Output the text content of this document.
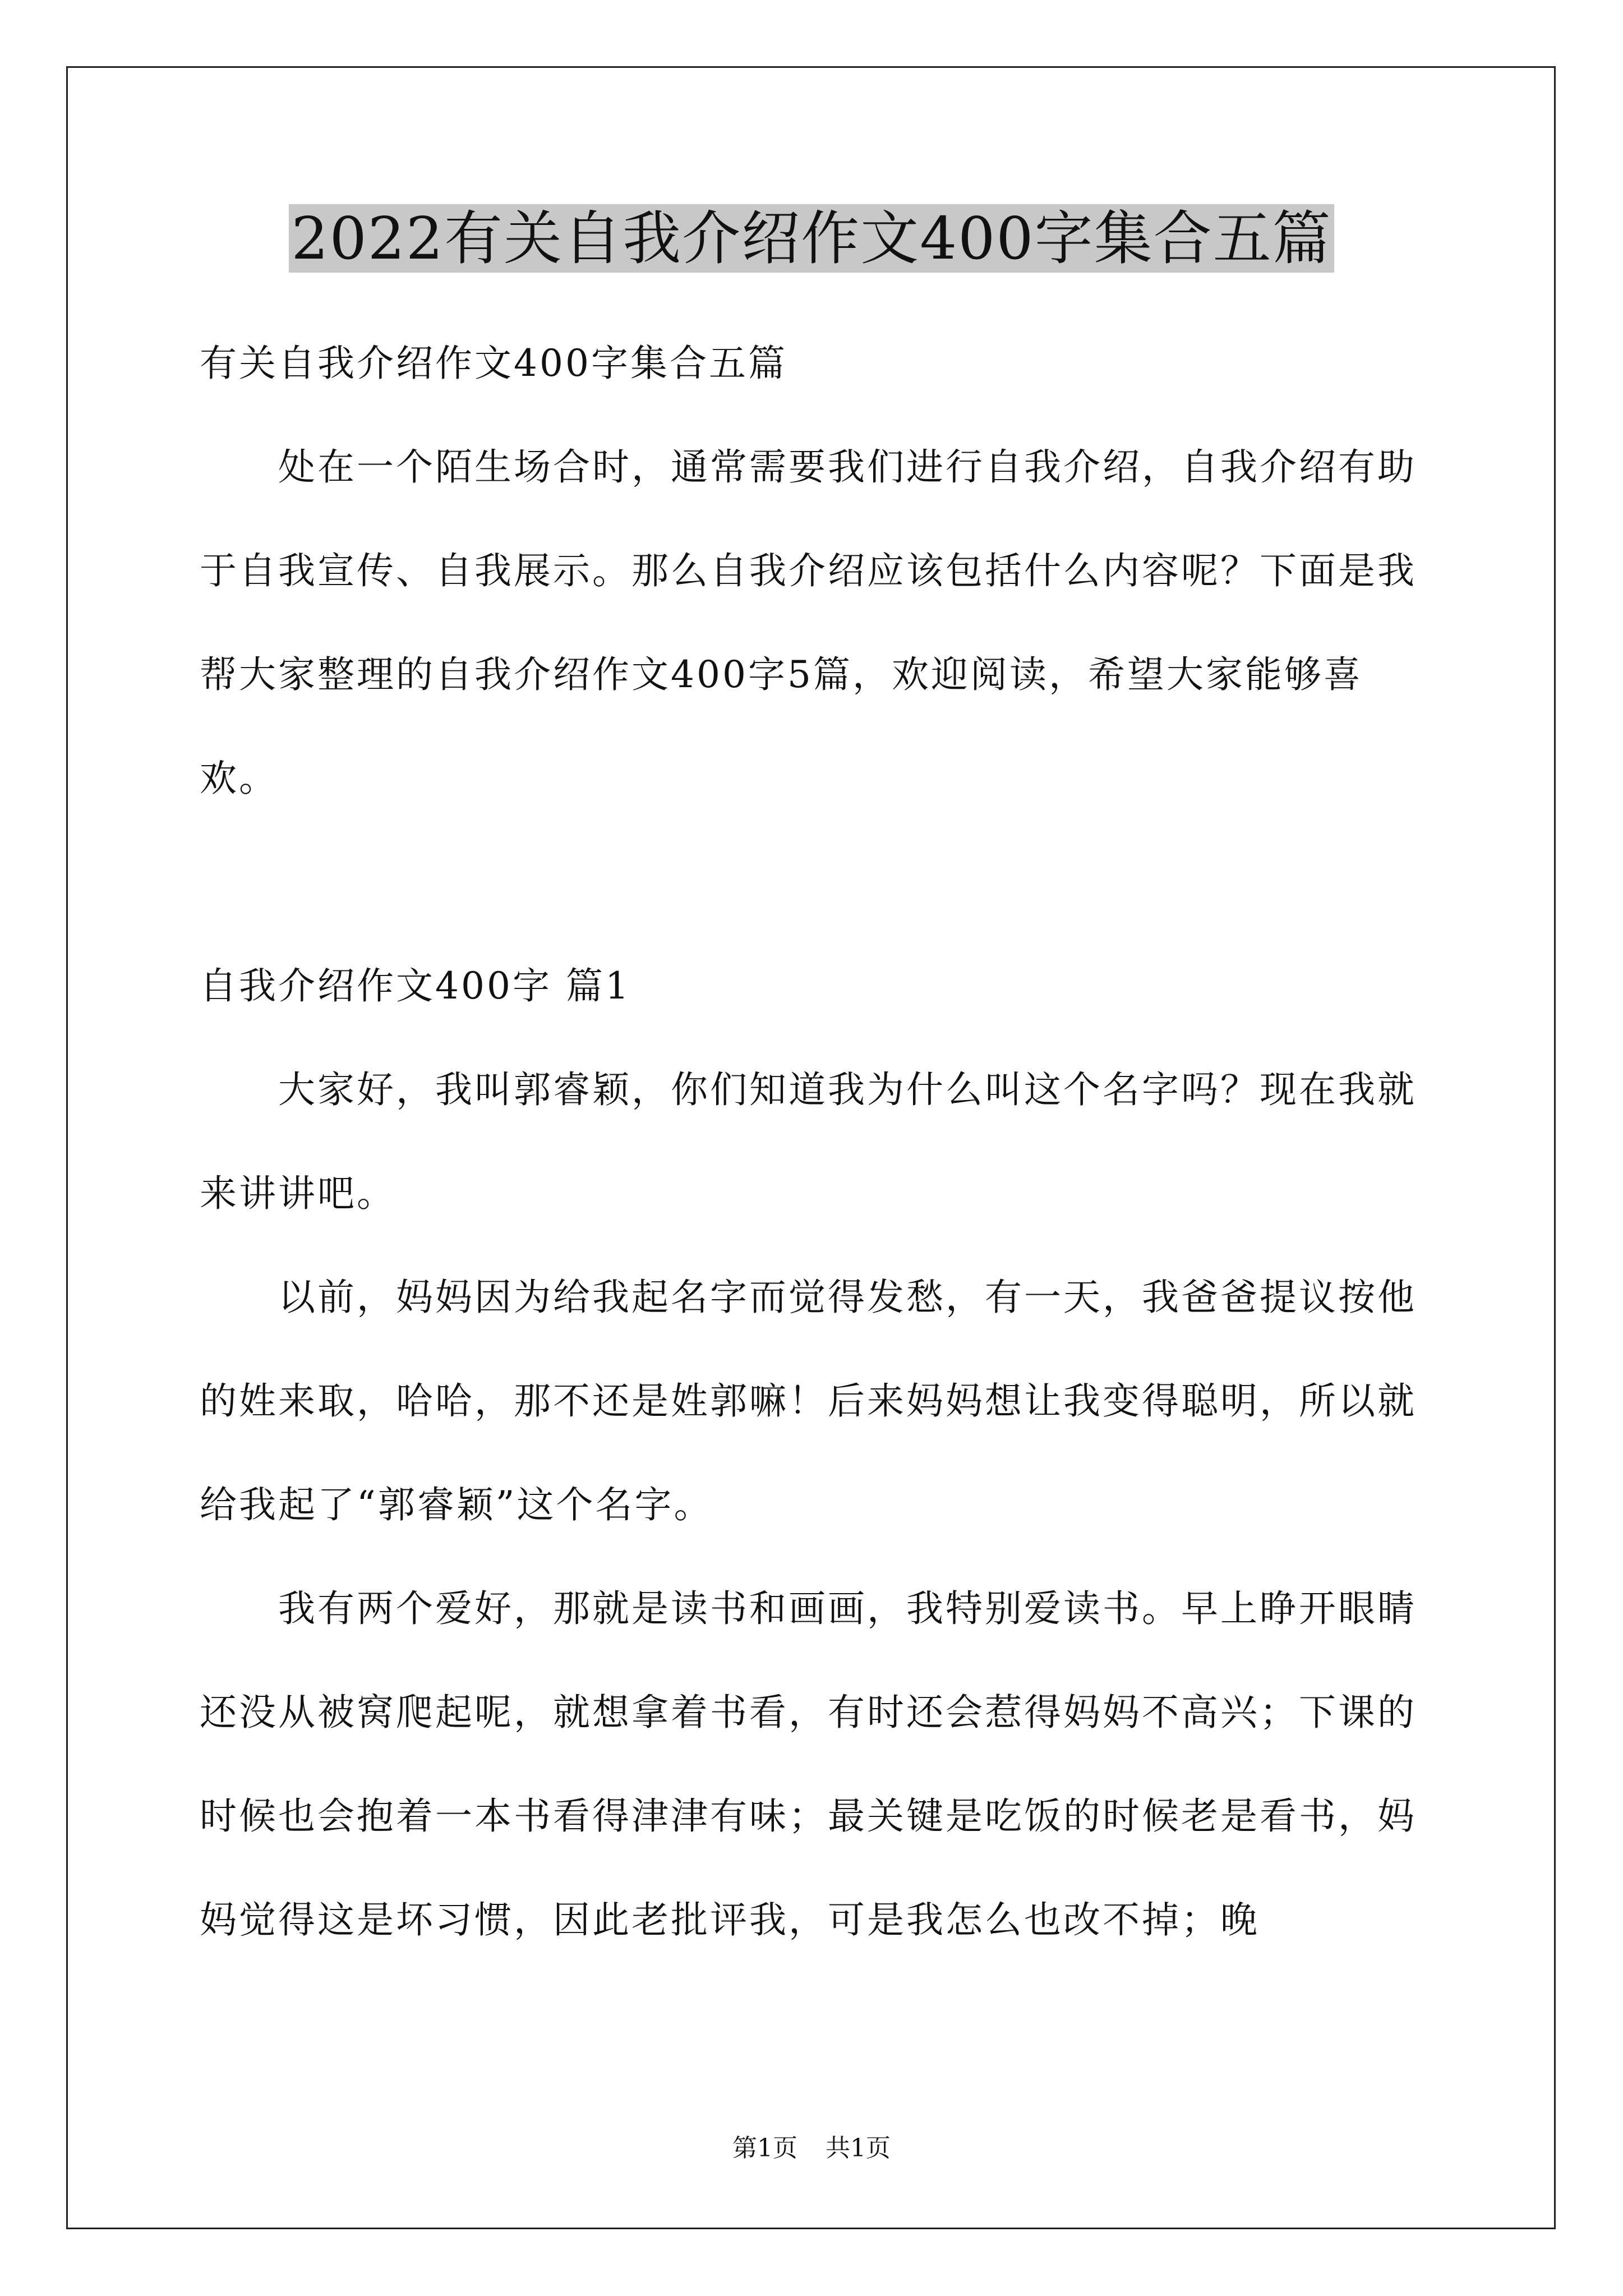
2022有关自我介绍作文400字集合五篇

有关自我介绍作文400字集合五篇

处在一个陌生场合时，通常需要我们进行自我介绍，自我介绍有助于自我宣传、自我展示。那么自我介绍应该包括什么内容呢？下面是我帮大家整理的自我介绍作文400字5篇，欢迎阅读，希望大家能够喜欢。

自我介绍作文400字 篇1

大家好，我叫郭睿颖，你们知道我为什么叫这个名字吗？现在我就来讲讲吧。

以前，妈妈因为给我起名字而觉得发愁，有一天，我爸爸提议按他的姓来取，哈哈，那不还是姓郭嘛！后来妈妈想让我变得聪明，所以就给我起了“郭睿颖”这个名字。

我有两个爱好，那就是读书和画画，我特别爱读书。早上睁开眼睛还没从被窝爬起呢，就想拿着书看，有时还会惹得妈妈不高兴；下课的时候也会抱着一本书看得津津有味；最关键是吃饭的时候老是看书，妈妈觉得这是坏习惯，因此老批评我，可是我怎么也改不掉；晚

第1页 共1页
